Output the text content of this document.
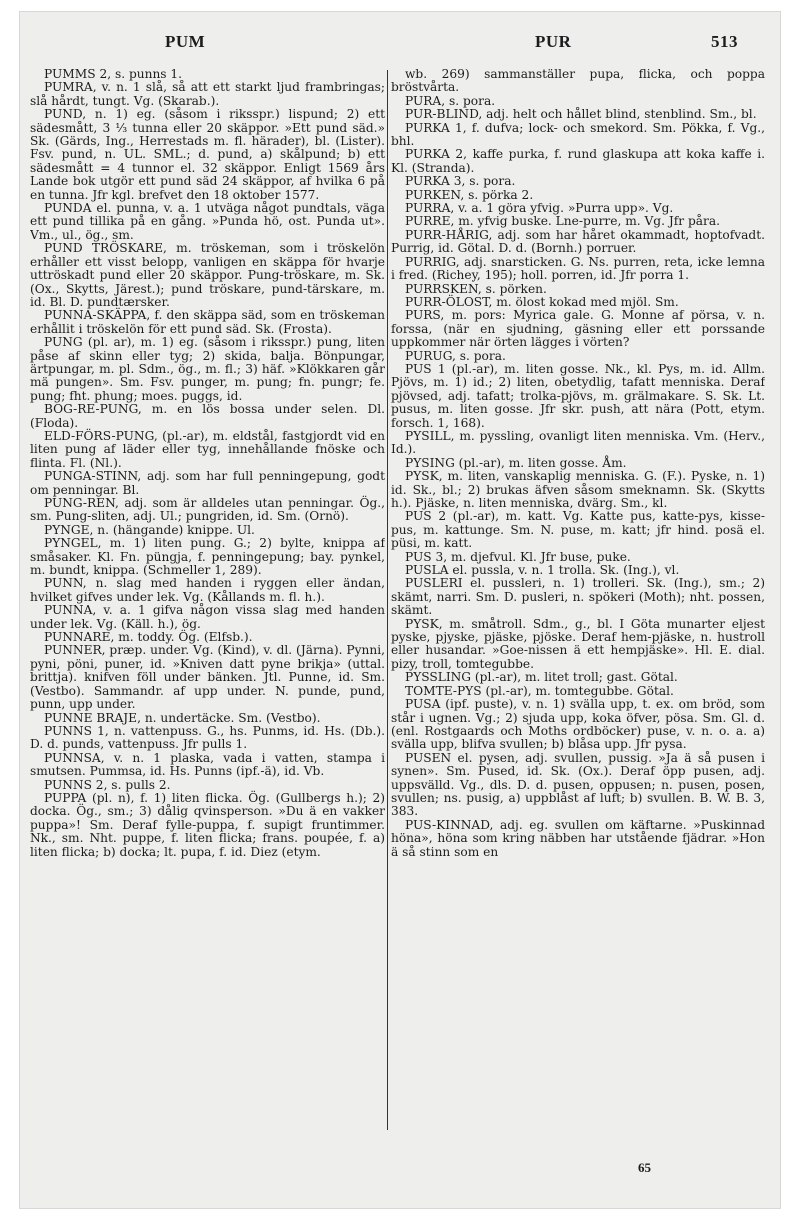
PUM	PUR	513

PUMMS 2, s. punns 1.

PUMRA, v. n. 1 slå, så att ett starkt ljud frambringas; slå hårdt, tungt. Vg. (Skarab.).

PUND, n. 1) eg. (såsom i riksspr.) lispund; 2) ett sädesmått, 3 ⅓ tunna eller 20 skäppor. »Ett pund säd.» Sk. (Gärds, Ing., Herrestads m. fl. härader), bl. (Lister). Fsv. pund, n. UL. SML.; d. pund, a) skålpund; b) ett sädesmått = 4 tunnor el. 32 skäppor. Enligt 1569 års Lande bok utgör ett pund säd 24 skäppor, af hvilka 6 på en tunna. Jfr kgl. brefvet den 18 oktober 1577.

PUNDA el. punna, v. a. 1 utväga något pundtals, väga ett pund tillika på en gång. »Punda hö, ost. Punda ut». Vm., ul., ög., sm.

PUND TRÖSKARE, m. tröskeman, som i tröskelön erhåller ett visst belopp, vanligen en skäppa för hvarje uttröskadt pund eller 20 skäppor. Pung-tröskare, m. Sk. (Ox., Skytts, Järest.); pund tröskare, pund-tärskare, m. id. Bl. D. pundtærsker.

PUNNA-SKÄPPA, f. den skäppa säd, som en tröskeman erhållit i tröskelön för ett pund säd. Sk. (Frosta).

PUNG (pl. ar), m. 1) eg. (såsom i riksspr.) pung, liten påse af skinn eller tyg; 2) skida, balja. Bönpungar, ärtpungar, m. pl. Sdm., ög., m. fl.; 3) häf. »Klökkaren går mä pungen». Sm. Fsv. punger, m. pung; fn. pungr; fe. pung; fht. phung; moes. puggs, id.

BOG-RE-PUNG, m. en lös bossa under selen. Dl. (Floda).

ELD-FÖRS-PUNG, (pl.-ar), m. eldstål, fastgjordt vid en liten pung af läder eller tyg, innehållande fnöske och flinta. Fl. (Nl.).

PUNGA-STINN, adj. som har full penningepung, godt om penningar. Bl.

PUNG-REN, adj. som är alldeles utan penningar. Ög., sm. Pung-sliten, adj. Ul.; pungriden, id. Sm. (Ornö).

PYNGE, n. (hängande) knippe. Ul.

PYNGEL, m. 1) liten pung. G.; 2) bylte, knippa af småsaker. Kl. Fn. püngja, f. penningepung; bay. pynkel, m. bundt, knippa. (Schmeller 1, 289).

PUNN, n. slag med handen i ryggen eller ändan, hvilket gifves under lek. Vg. (Kållands m. fl. h.).

PUNNA, v. a. 1 gifva någon vissa slag med handen under lek. Vg. (Käll. h.), ög.

PUNNARE, m. toddy. Ög. (Elfsb.).

PUNNER, præp. under. Vg. (Kind), v. dl. (Järna). Pynni, pyni, pöni, puner, id. »Kniven datt pyne brikja» (uttal. brittja). knifven föll under bänken. Jtl. Punne, id. Sm. (Vestbo). Sammandr. af upp under. N. punde, pund, punn, upp under.

PUNNE BRAJE, n. undertäcke. Sm. (Vestbo).

PUNNS 1, n. vattenpuss. G., hs. Punms, id. Hs. (Db.). D. d. punds, vattenpuss. Jfr pulls 1.

PUNNSA, v. n. 1 plaska, vada i vatten, stampa i smutsen. Pummsa, id. Hs. Punns (ipf.-ä), id. Vb.

PUNNS 2, s. pulls 2.

PUPPA (pl. n), f. 1) liten flicka. Ög. (Gullbergs h.); 2) docka. Ög., sm.; 3) dålig qvinsperson. »Du ä en vakker puppa»! Sm. Deraf fylle-puppa, f. supigt fruntimmer. Nk., sm. Nht. puppe, f. liten flicka; frans. poupée, f. a) liten flicka; b) docka; lt. pupa, f. id. Diez (etym.

wb. 269) sammanställer pupa, flicka, och poppa bröstvårta.

PURA, s. pora.

PUR-BLIND, adj. helt och hållet blind, stenblind. Sm., bl.

PURKA 1, f. dufva; lock- och smekord. Sm. Pökka, f. Vg., bhl.

PURKA 2, kaffe purka, f. rund glaskupa att koka kaffe i. Kl. (Stranda).

PURKA 3, s. pora.

PURKEN, s. pörka 2.

PURRA, v. a. 1 göra yfvig. »Purra upp». Vg.

PURRE, m. yfvig buske. Lne-purre, m. Vg. Jfr påra.

PURR-HÅRIG, adj. som har håret okammadt, hoptofvadt. Purrig, id. Götal. D. d. (Bornh.) porruer.

PURRIG, adj. snarsticken. G. Ns. purren, reta, icke lemna i fred. (Richey, 195); holl. porren, id. Jfr porra 1.

PURRSKEN, s. pörken.

PURR-ÖLOST, m. ölost kokad med mjöl. Sm.

PURS, m. pors: Myrica gale. G. Monne af pörsa, v. n. forssa, (när en sjudning, gäsning eller ett porssande uppkommer när örten lägges i vörten?

PURUG, s. pora.

PUS 1 (pl.-ar), m. liten gosse. Nk., kl. Pys, m. id. Allm. Pjövs, m. 1) id.; 2) liten, obetydlig, tafatt menniska. Deraf pjövsed, adj. tafatt; trolka-pjövs, m. grälmakare. S. Sk. Lt. pusus, m. liten gosse. Jfr skr. push, att nära (Pott, etym. forsch. 1, 168).

PYSILL, m. pyssling, ovanligt liten menniska. Vm. (Herv., Id.).

PYSING (pl.-ar), m. liten gosse. Åm.

PYSK, m. liten, vanskaplig menniska. G. (F.). Pyske, n. 1) id. Sk., bl.; 2) brukas äfven såsom smeknamn. Sk. (Skytts h.). Pjäske, n. liten menniska, dvärg. Sm., kl.

PUS 2 (pl.-ar), m. katt. Vg. Katte pus, katte-pys, kisse-pus, m. kattunge. Sm. N. puse, m. katt; jfr hind. posä el. püsi, m. katt.

PUS 3, m. djefvul. Kl. Jfr buse, puke.

PUSLA el. pussla, v. n. 1 trolla. Sk. (Ing.), vl.

PUSLERI el. pussleri, n. 1) trolleri. Sk. (Ing.), sm.; 2) skämt, narri. Sm. D. pusleri, n. spökeri (Moth); nht. possen, skämt.

PYSK, m. småtroll. Sdm., g., bl. I Göta munarter eljest pyske, pjyske, pjäske, pjöske. Deraf hem-pjäske, n. hustroll eller husandar. »Goe-nissen ä ett hempjäske». Hl. E. dial. pizy, troll, tomtegubbe.

PYSSLING (pl.-ar), m. litet troll; gast. Götal.

TOMTE-PYS (pl.-ar), m. tomtegubbe. Götal.

PUSA (ipf. puste), v. n. 1) svälla upp, t. ex. om bröd, som står i ugnen. Vg.; 2) sjuda upp, koka öfver, pösa. Sm. Gl. d. (enl. Rostgaards och Moths ordböcker) puse, v. n. o. a. a) svälla upp, blifva svullen; b) blåsa upp. Jfr pysa.

PUSEN el. pysen, adj. svullen, pussig. »Ja ä så pusen i synen». Sm. Pused, id. Sk. (Ox.). Deraf öpp pusen, adj. uppsvälld. Vg., dls. D. d. pusen, oppusen; n. pusen, posen, svullen; ns. pusig, a) uppblåst af luft; b) svullen. B. W. B. 3, 383.

PUS-KINNAD, adj. eg. svullen om käftarne. »Puskinnad höna», höna som kring näbben har utstående fjädrar. »Hon ä så stinn som en

65
